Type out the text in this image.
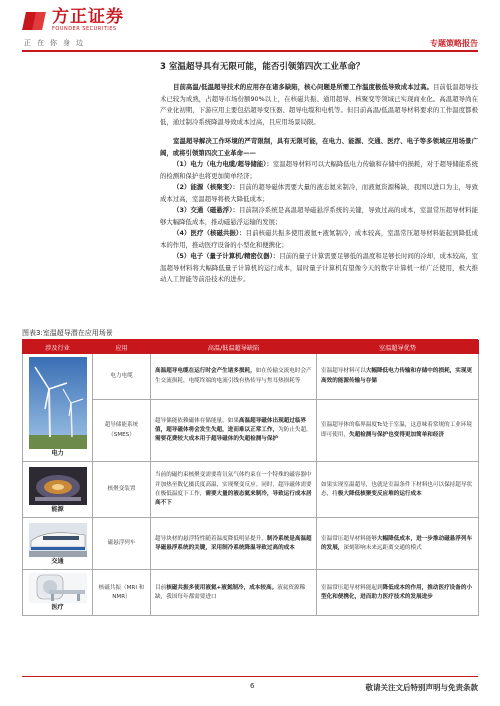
方正证券
FOUNDER SECURITIES
正在你身边	专题策略报告
3 室温超导具有无限可能，能否引领第四次工业革命？
目前高温/低温超导技术的应用存在诸多缺陷，核心问题是所需工作温度极低导致成本过高。目前低温超导技术已较为成熟，占超导市场份额90%以上，在核磁共振、通用超导、核聚变等领域已实现商业化。高温超导尚在产业化初期，下游应用主要包括超导变压器、超导电缆和电机等。但目前高温/低温超导材料要求的工作温度都极低，通过制冷系统降温导致成本过高，且应用场景局限。
室温超导解决工作环境的严苛限制，具有无限可能，在电力、能源、交通、医疗、电子等多领域应用场景广阔，或将引领第四次工业革命——
（1）电力（电力电缆/超导储能）：室温超导材料可以大幅降低电力传输和存储中的损耗，对于超导储能系统的检测和保护也将更加简单经济；
（2）能源（核聚变）：目前的超导磁体需要大量的液态氦来制冷，而液氦资源稀缺，我国以进口为主，导致成本过高，室温超导将极大降低成本；
（3）交通（磁悬浮）：目前制冷系统是高温超导磁悬浮系统的关键，导致过高的成本，室温常压超导材料能够大幅降低成本，推动磁悬浮运输的发展；
（4）医疗（核磁共振）：目前核磁共振多使用液氦+液氮制冷，成本较高，室温常压超导材料能起到降低成本的作用，推动医疗设备的小型化和便携化；
（5）电子（量子计算机/精密仪器）：目前的量子计算需要足够低的温度和足够长时间的冷却，成本较高，室温超导材料将大幅降低量子计算机的运行成本，届时量子计算机有望像今天的数字计算机一样广泛使用，极大推动人工智能等前沿技术的进步。
图表3:室温超导潜在应用场景
涉及行业	应用	高温/低温超导缺陷	室温超导优势

电力	电力电缆	高温超导电缆在运行时会产生诸多损耗，如在传输交流电时会产生交流损耗，电缆终端的电流引线有热传导与焦耳热损耗等	室温超导材料可以大幅降低电力传输和存储中的损耗，实现更高效的能源传输与存储
	超导储能系统（SMES）	超导储能依赖磁体存储能量，如果高温超导磁体出现超过临界值，超导磁体将会发生失超，进而难以正常工作，为防止失超，需要花费较大成本用于超导磁体的失超检测与保护	室温超导体的临界温度Tc处于室温，这意味着常规的工业环境即可使用，失超检测与保护也变得更加简单和经济

能源	核聚变装置	当前的磁约束核聚变需要将氘氚气体约束在一个特殊的磁容器中并加热至数亿摄氏度高温，实现聚变反应。同时，超导磁体需要在极低温度下工作，需要大量的液态氦来制冷，导致运行成本居高不下	如果实现室温超导，也就是室温条件下材料也可以保持超导状态，将极大降低核聚变反应堆的运行成本

交通	磁悬浮列车	超导块材的悬浮特性随着温度降低明显提升，制冷系统是高温超导磁悬浮系统的关键，采用制冷系统降温导致过高的成本	室温常压超导材料能够大幅降低成本，进一步推动磁悬浮列车的发展，深刻影响未来远距离交通的模式

医疗	核磁共振（MRI 和 NMR）	目前核磁共振多使用液氦+液氮制冷，成本较高。液氦资源稀缺，我国每年都需要进口	室温常压超导材料能起到降低成本的作用，推动医疗设备的小型化和便携化，进而助力医疗技术的发展进步
6	敬请关注文后特别声明与免责条款
